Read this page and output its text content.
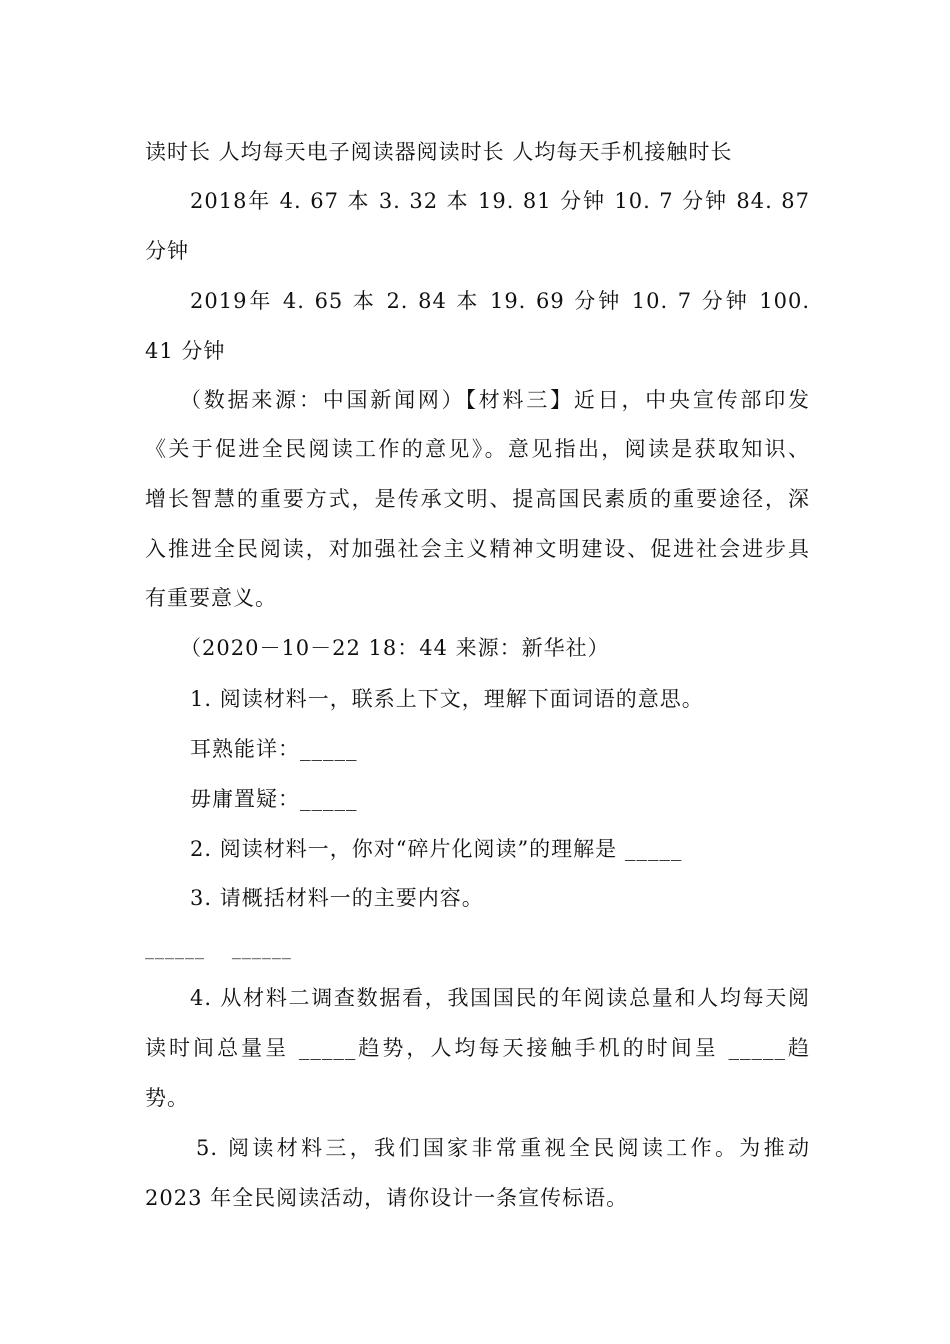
读时长 人均每天电子阅读器阅读时长 人均每天手机接触时长
2018年 4. 67 本 3. 32 本 19. 81 分钟 10. 7 分钟 84. 87
分钟
2019年 4. 65 本 2. 84 本 19. 69 分钟 10. 7 分钟 100.
41 分钟
（数据来源：中国新闻网）【材料三】近日，中央宣传部印发
《关于促进全民阅读工作的意见》。意见指出，阅读是获取知识、
增长智慧的重要方式，是传承文明、提高国民素质的重要途径，深
入推进全民阅读，对加强社会主义精神文明建设、促进社会进步具
有重要意义。
（2020－10－22 18：44 来源：新华社）
1. 阅读材料一，联系上下文，理解下面词语的意思。
耳熟能详：_____
毋庸置疑：_____
2. 阅读材料一，你对“碎片化阅读”的理解是 _____
3. 请概括材料一的主要内容。
______    ______
4. 从材料二调查数据看，我国国民的年阅读总量和人均每天阅
读时间总量呈 _____趋势，人均每天接触手机的时间呈 _____趋
势。
5. 阅读材料三，我们国家非常重视全民阅读工作。为推动
2023 年全民阅读活动，请你设计一条宣传标语。
